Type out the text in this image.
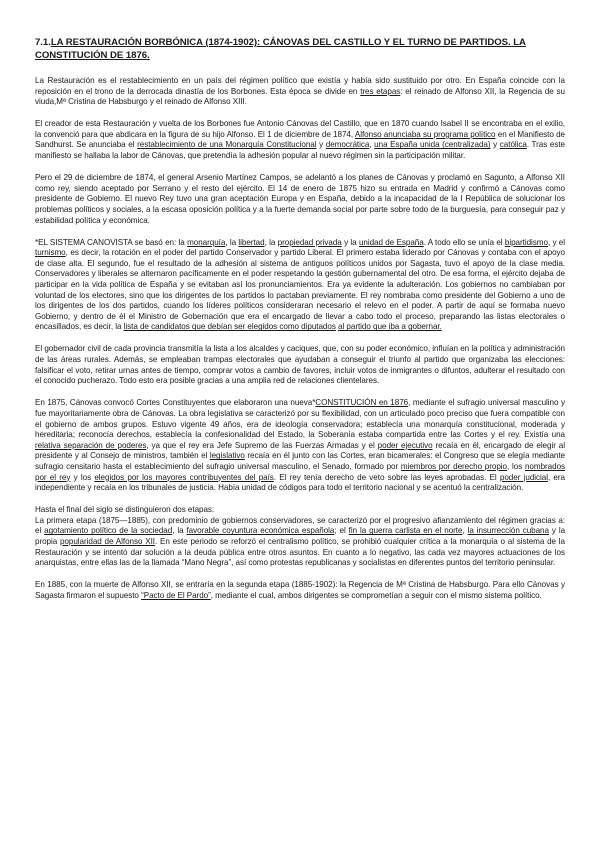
7.1.LA RESTAURACIÓN BORBÓNICA (1874-1902): CÁNOVAS DEL CASTILLO Y EL TURNO DE PARTIDOS. LA CONSTITUCIÓN DE 1876.

La Restauración es el restablecimiento en un país del régimen político que existía y había sido sustituido por otro. En España coincide con la reposición en el trono de la derrocada dinastía de los Borbones. Esta época se divide en tres etapas: el reinado de Alfonso XII, la Regencia de su viuda,Mª Cristina de Habsburgo y el reinado de Alfonso XIII.

El creador de esta Restauración y vuelta de los Borbones fue Antonio Cánovas del Castillo, que en 1870 cuando Isabel II se encontraba en el exilio, la convenció para que abdicara en la figura de su hijo Alfonso. El 1 de diciembre de 1874, Alfonso anunciaba su programa político en el Manifiesto de Sandhurst. Se anunciaba el restablecimiento de una Monarquía Constitucional y democrática, una España unida (centralizada) y católica. Tras este manifiesto se hallaba la labor de Cánovas, que pretendía la adhesión popular al nuevo régimen sin la participación militar.

Pero el 29 de diciembre de 1874, el general Arsenio Martínez Campos, se adelantó a los planes de Cánovas y proclamó en Sagunto, a Alfonso XII como rey, siendo aceptado por Serrano y el resto del ejército. El 14 de enero de 1875 hizo su entrada en Madrid y confirmó a Cánovas como presidente de Gobierno. El nuevo Rey tuvo una gran aceptación Europa y en España, debido a la incapacidad de la I República de solucionar los problemas políticos y sociales, a la escasa oposición política y a la fuerte demanda social por parte sobre todo de la burguesía, para conseguir paz y estabilidad política y económica.

*EL SISTEMA CANOVISTA se basó en: la monarquía, la libertad, la propiedad privada y la unidad de España. A todo ello se unía el bipartidismo, y el turnismo, es decir, la rotación en el poder del partido Conservador y partido Liberal. El primero estaba liderado por Cánovas y contaba con el apoyo de clase alta. El segundo, fue el resultado de la adhesión al sistema de antiguos políticos unidos por Sagasta, tuvo el apoyo de la clase media. Conservadores y liberales se alternaron pacíficamente en el poder respetando la gestión gubernamental del otro. De esa forma, el ejército dejaba de participar en la vida política de España y se evitaban así los pronunciamientos. Era ya evidente la adulteración. Los gobiernos no cambiaban por voluntad de los electores, sino que los dirigentes de los partidos lo pactaban previamente. El rey nombraba como presidente del Gobierno a uno de los dirigentes de los dos partidos, cuando los líderes políticos consideraran necesario el relevo en el poder. A partir de aquí se formaba nuevo Gobierno, y dentro de él el Ministro de Gobernación que era el encargado de llevar a cabo todo el proceso, preparando las listas electorales o encasillados, es decir, la lista de candidatos que debían ser elegidos como diputados al partido que iba a gobernar.

El gobernador civil de cada provincia transmitía la lista a los alcaldes y caciques, que, con su poder económico, influían en la política y administración de las áreas rurales. Además, se empleaban trampas electorales que ayudaban a conseguir el triunfo al partido que organizaba las elecciones: falsificar el voto, retirar urnas antes de tiempo, comprar votos a cambio de favores, incluir votos de inmigrantes o difuntos, adulterar el resultado con el conocido pucherazo. Todo esto era posible gracias a una amplia red de relaciones clientelares.

En 1875, Cánovas convocó Cortes Constituyentes que elaboraron una nueva*CONSTITUCIÓN en 1876, mediante el sufragio universal masculino y fue mayoritariamente obra de Cánovas. La obra legislativa se caracterizó por su flexibilidad, con un articulado poco preciso que fuera compatible con el gobierno de ambos grupos. Estuvo vigente 49 años, era de ideología conservadora; establecía una monarquía constitucional, moderada y hereditaria; reconocía derechos, establecía la confesionalidad del Estado, la Soberanía estaba compartida entre las Cortes y el rey. Existía una relativa separación de poderes, ya que el rey era Jefe Supremo de las Fuerzas Armadas y el poder ejecutivo recaía en él, encargado de elegir al presidente y al Consejo de ministros, también el legislativo recaía en él junto con las Cortes, eran bicamerales: el Congreso que se elegía mediante sufragio censitario hasta el establecimiento del sufragio universal masculino, el Senado, formado por miembros por derecho propio, los nombrados por el rey y los elegidos por los mayores contribuyentes del país. El rey tenía derecho de veto sobre las leyes aprobadas. El poder judicial, era independiente y recaía en los tribunales de justicia. Había unidad de códigos para todo el territorio nacional y se acentuó la centralización.

Hasta el final del siglo se distinguieron dos etapas:

La primera etapa (1875—1885), con predominio de gobiernos conservadores, se caracterizó por el progresivo afianzamiento del régimen gracias a: el agotamiento político de la sociedad, la favorable coyuntura económica española; el fin la guerra carlista en el norte, la insurrección cubana y la propia popularidad de Alfonso XII. En este periodo se reforzó el centralismo político, se prohibió cualquier crítica a la monarquía o al sistema de la Restauración y se intentó dar solución a la deuda pública entre otros asuntos. En cuanto a lo negativo, las cada vez mayores actuaciones de los anarquistas, entre ellas las de la llamada “Mano Negra”, así como protestas republicanas y socialistas en diferentes puntos del territorio peninsular.

En 1885, con la muerte de Alfonso XII, se entraría en la segunda etapa (1885-1902): la Regencia de Mª Cristina de Habsburgo. Para ello Cánovas y Sagasta firmaron el supuesto “Pacto de El Pardo”, mediante el cual, ambos dirigentes se comprometían a seguir con el mismo sistema político.
